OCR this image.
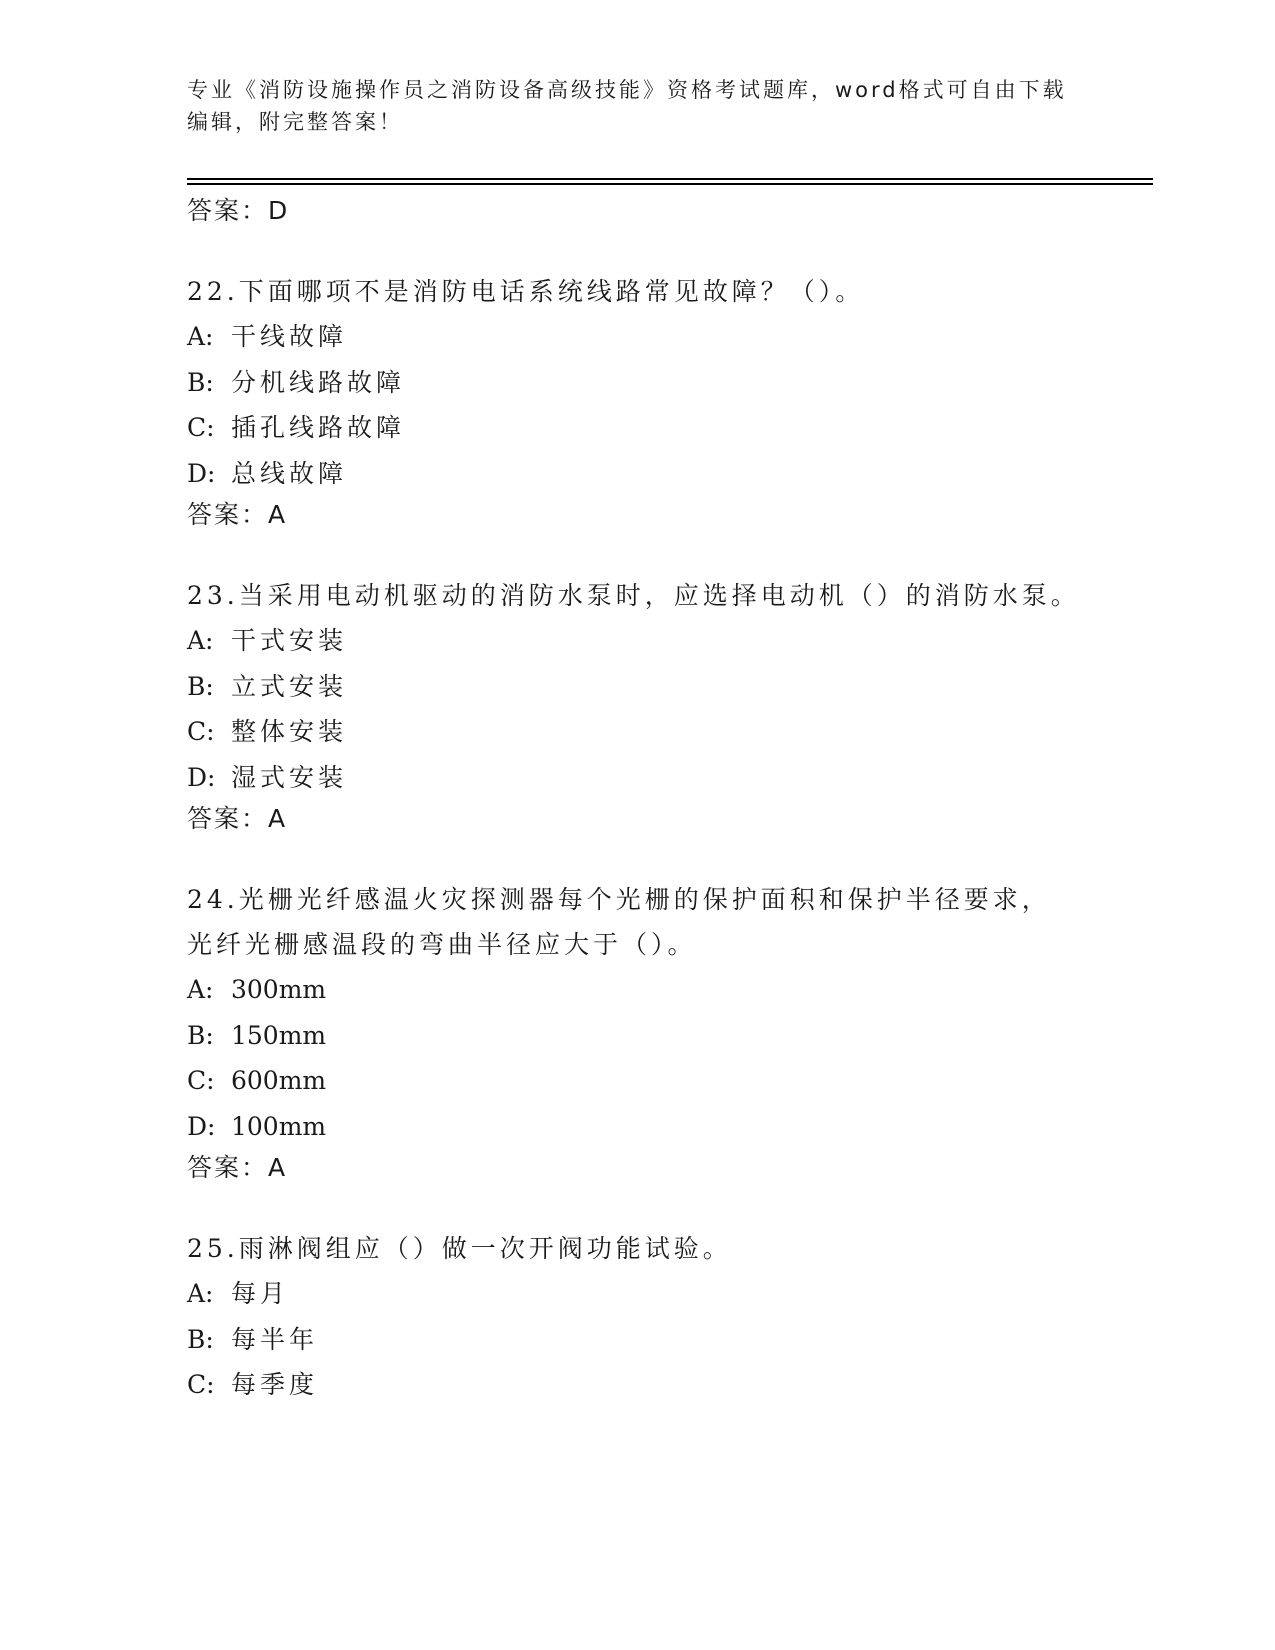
专业《消防设施操作员之消防设备高级技能》资格考试题库，word格式可自由下载编辑，附完整答案！
答案：D

22.下面哪项不是消防电话系统线路常见故障？（）。

A: 干线故障

B: 分机线路故障

C: 插孔线路故障

D: 总线故障

答案：A

23.当采用电动机驱动的消防水泵时，应选择电动机（）的消防水泵。

A: 干式安装

B: 立式安装

C: 整体安装

D: 湿式安装

答案：A

24.光栅光纤感温火灾探测器每个光栅的保护面积和保护半径要求，光纤光栅感温段的弯曲半径应大于（）。

A: 300mm

B: 150mm

C: 600mm

D: 100mm

答案：A

25.雨淋阀组应（）做一次开阀功能试验。

A: 每月

B: 每半年

C: 每季度
